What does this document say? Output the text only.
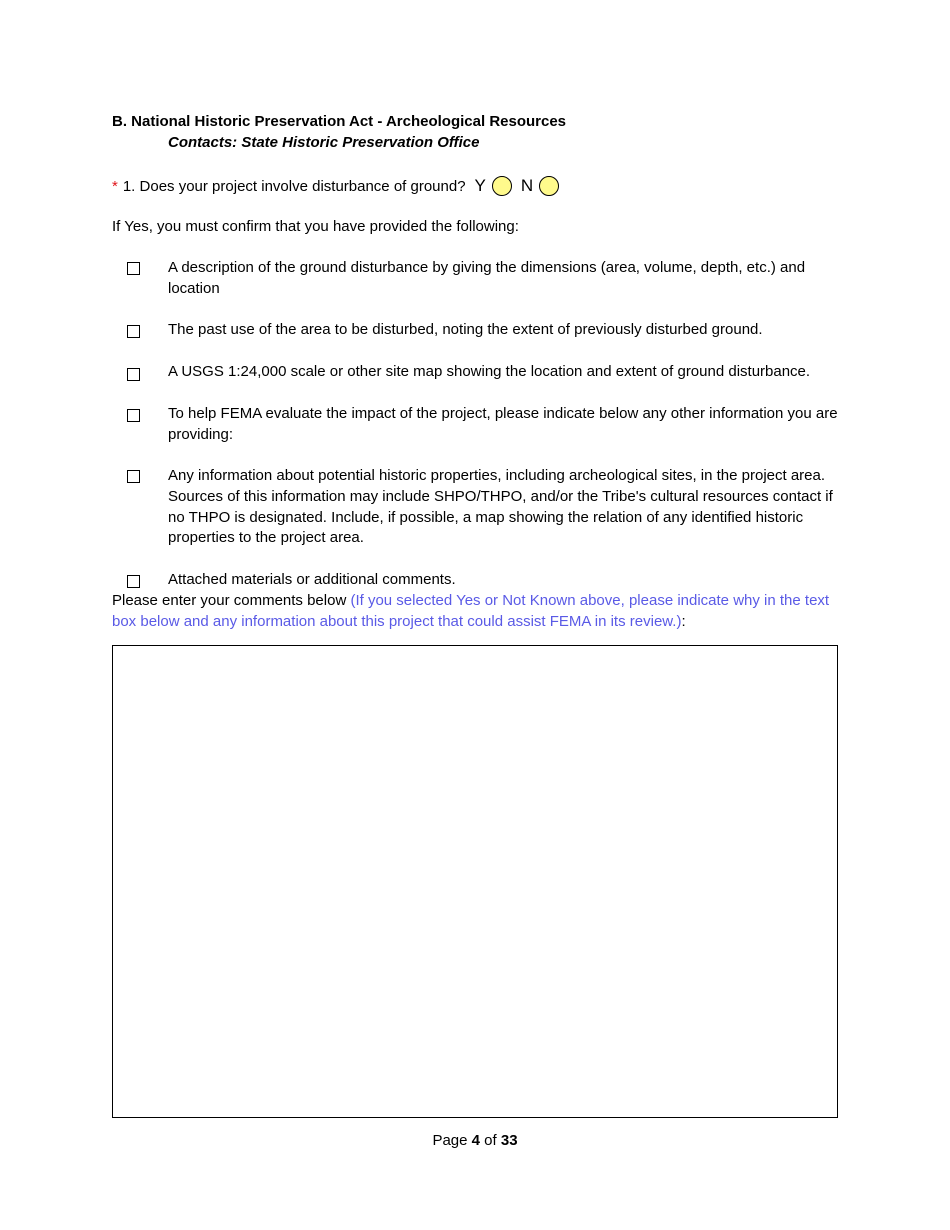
B. National Historic Preservation Act - Archeological Resources
Contacts: State Historic Preservation Office
* 1. Does your project involve disturbance of ground? Y N
If Yes, you must confirm that you have provided the following:
A description of the ground disturbance by giving the dimensions (area, volume, depth, etc.) and location
The past use of the area to be disturbed, noting the extent of previously disturbed ground.
A USGS 1:24,000 scale or other site map showing the location and extent of ground disturbance.
To help FEMA evaluate the impact of the project, please indicate below any other information you are providing:
Any information about potential historic properties, including archeological sites, in the project area. Sources of this information may include SHPO/THPO, and/or the Tribe's cultural resources contact if no THPO is designated. Include, if possible, a map showing the relation of any identified historic properties to the project area.
Attached materials or additional comments.
Please enter your comments below (If you selected Yes or Not Known above, please indicate why in the text box below and any information about this project that could assist FEMA in its review.):
Page 4 of 33
